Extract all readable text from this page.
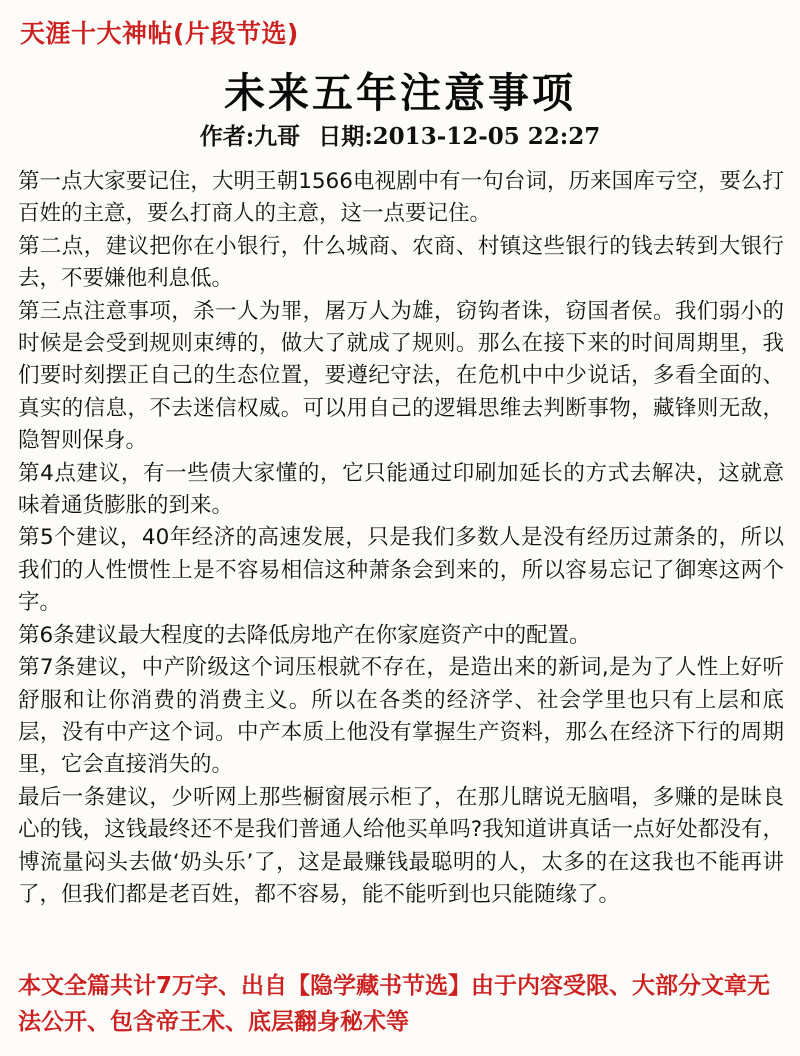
天涯十大神帖(片段节选)
未来五年注意事项
作者:九哥 日期:2013-12-05 22:27

第一点大家要记住，大明王朝1566电视剧中有一句台词，历来国库亏空，要么打百姓的主意，要么打商人的主意，这一点要记住。

第二点，建议把你在小银行，什么城商、农商、村镇这些银行的钱去转到大银行去，不要嫌他利息低。

第三点注意事项，杀一人为罪，屠万人为雄，窃钩者诛，窃国者侯。我们弱小的时候是会受到规则束缚的，做大了就成了规则。那么在接下来的时间周期里，我们要时刻摆正自己的生态位置，要遵纪守法，在危机中中少说话，多看全面的、真实的信息，不去迷信权威。可以用自己的逻辑思维去判断事物，藏锋则无敌，隐智则保身。

第4点建议，有一些债大家懂的，它只能通过印刷加延长的方式去解决，这就意味着通货膨胀的到来。

第5个建议，40年经济的高速发展，只是我们多数人是没有经历过萧条的，所以我们的人性惯性上是不容易相信这种萧条会到来的，所以容易忘记了御寒这两个字。

第6条建议最大程度的去降低房地产在你家庭资产中的配置。

第7条建议，中产阶级这个词压根就不存在，是造出来的新词,是为了人性上好听舒服和让你消费的消费主义。所以在各类的经济学、社会学里也只有上层和底层，没有中产这个词。中产本质上他没有掌握生产资料，那么在经济下行的周期里，它会直接消失的。

最后一条建议，少听网上那些橱窗展示柜了，在那儿瞎说无脑唱，多赚的是昧良心的钱，这钱最终还不是我们普通人给他买单吗?我知道讲真话一点好处都没有，博流量闷头去做‘奶头乐’了，这是最赚钱最聪明的人，太多的在这我也不能再讲了，但我们都是老百姓，都不容易，能不能听到也只能随缘了。

本文全篇共计7万字、出自【隐学藏书节选】由于内容受限、大部分文章无法公开、包含帝王术、底层翻身秘术等
